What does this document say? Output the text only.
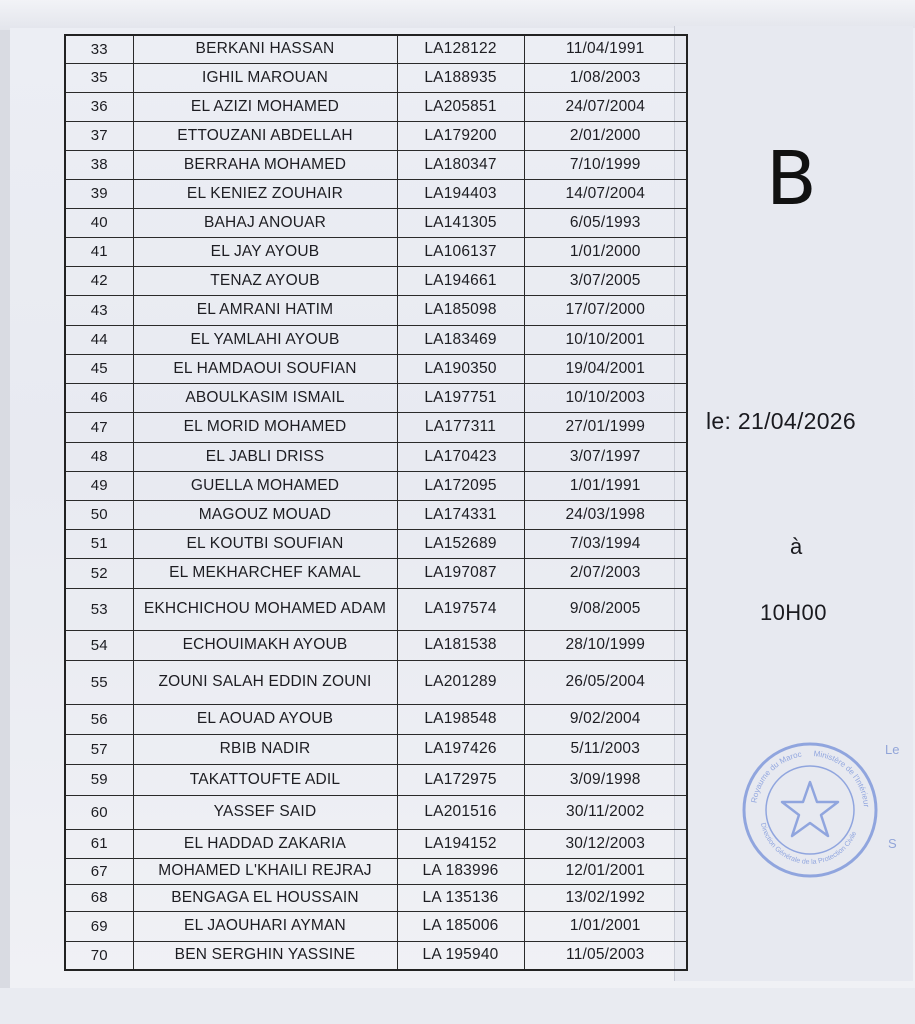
33	BERKANI HASSAN	LA128122	11/04/1991
35	IGHIL MAROUAN	LA188935	1/08/2003
36	EL AZIZI MOHAMED	LA205851	24/07/2004
37	ETTOUZANI ABDELLAH	LA179200	2/01/2000
38	BERRAHA MOHAMED	LA180347	7/10/1999
39	EL KENIEZ ZOUHAIR	LA194403	14/07/2004
40	BAHAJ ANOUAR	LA141305	6/05/1993
41	EL JAY AYOUB	LA106137	1/01/2000
42	TENAZ AYOUB	LA194661	3/07/2005
43	EL AMRANI HATIM	LA185098	17/07/2000
44	EL YAMLAHI AYOUB	LA183469	10/10/2001
45	EL HAMDAOUI SOUFIAN	LA190350	19/04/2001
46	ABOULKASIM ISMAIL	LA197751	10/10/2003
47	EL MORID MOHAMED	LA177311	27/01/1999
48	EL JABLI DRISS	LA170423	3/07/1997
49	GUELLA MOHAMED	LA172095	1/01/1991
50	MAGOUZ MOUAD	LA174331	24/03/1998
51	EL KOUTBI SOUFIAN	LA152689	7/03/1994
52	EL MEKHARCHEF KAMAL	LA197087	2/07/2003
53	EKHCHICHOU MOHAMED ADAM	LA197574	9/08/2005
54	ECHOUIMAKH AYOUB	LA181538	28/10/1999
55	ZOUNI SALAH EDDIN ZOUNI	LA201289	26/05/2004
56	EL AOUAD AYOUB	LA198548	9/02/2004
57	RBIB NADIR	LA197426	5/11/2003
59	TAKATTOUFTE ADIL	LA172975	3/09/1998
60	YASSEF SAID	LA201516	30/11/2002
61	EL HADDAD ZAKARIA	LA194152	30/12/2003
67	MOHAMED L'KHAILI REJRAJ	LA 183996	12/01/2001
68	BENGAGA EL HOUSSAIN	LA 135136	13/02/1992
69	EL JAOUHARI AYMAN	LA 185006	1/01/2001
70	BEN SERGHIN YASSINE	LA 195940	11/05/2003
B
le: 21/04/2026
à
10H00
Royaume du Maroc Ministère de l'Intérieur
Direction Générale de la Protection Civile
Le
S
